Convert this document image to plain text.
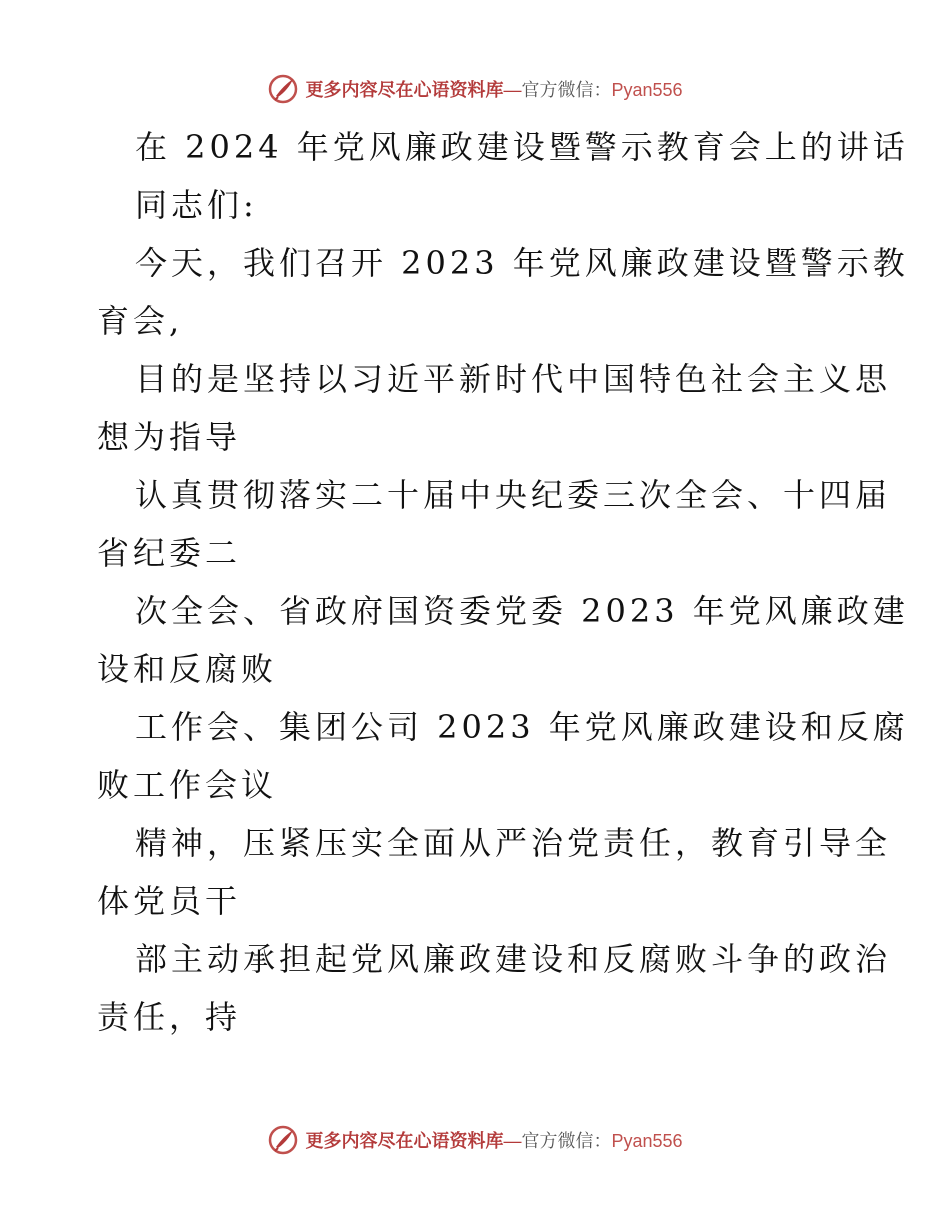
更多内容尽在心语资料库 — 官方微信： Pyan556
在 2024 年党风廉政建设暨警示教育会上的讲话
同志们:
今天，我们召开 2023 年党风廉政建设暨警示教
育会,
目的是坚持以习近平新时代中国特色社会主义思
想为指导
认真贯彻落实二十届中央纪委三次全会、十四届
省纪委二
次全会、省政府国资委党委 2023 年党风廉政建
设和反腐败
工作会、集团公司 2023 年党风廉政建设和反腐
败工作会议
精神，压紧压实全面从严治党责任，教育引导全
体党员干
部主动承担起党风廉政建设和反腐败斗争的政治
责任，持
更多内容尽在心语资料库 — 官方微信： Pyan556
